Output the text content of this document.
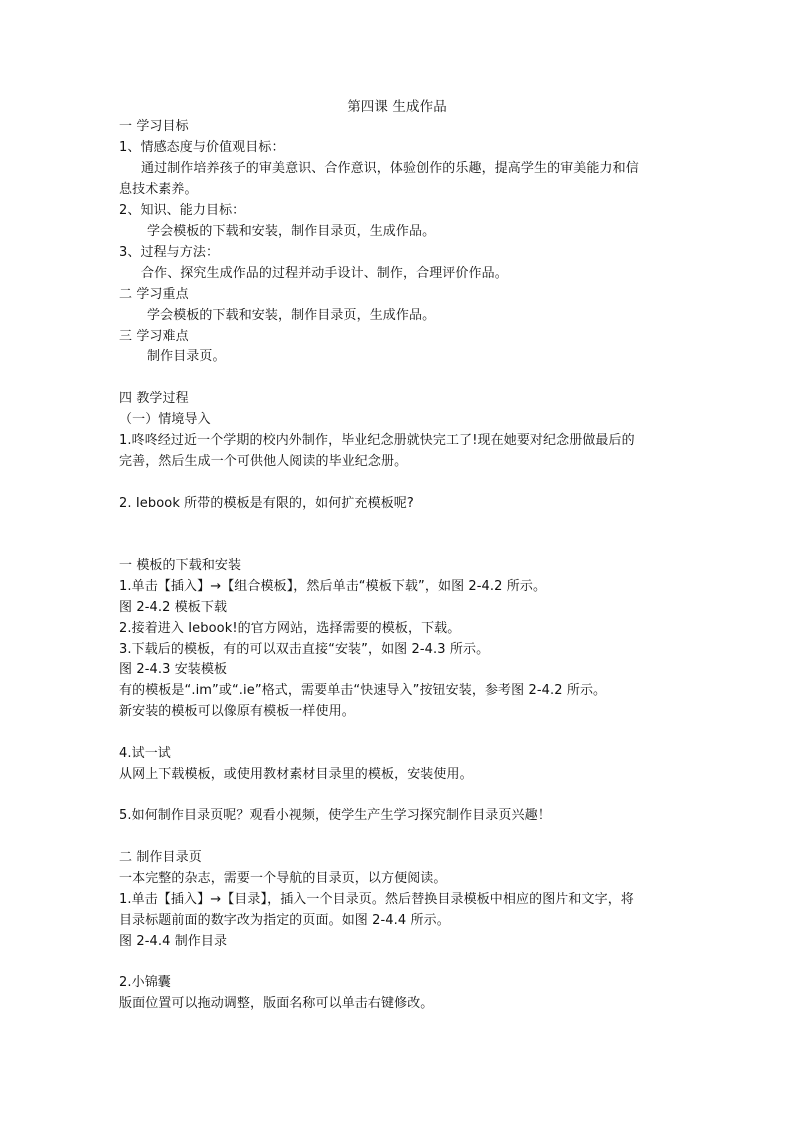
第四课 生成作品
一 学习目标
1、情感态度与价值观目标：
通过制作培养孩子的审美意识、合作意识，体验创作的乐趣，提高学生的审美能力和信
息技术素养。
2、知识、能力目标：
学会模板的下载和安装，制作目录页，生成作品。
3、过程与方法：
合作、探究生成作品的过程并动手设计、制作，合理评价作品。
二 学习重点
学会模板的下载和安装，制作目录页，生成作品。
三 学习难点
制作目录页。
四 教学过程
（一）情境导入
1.咚咚经过近一个学期的校内外制作，毕业纪念册就快完工了!现在她要对纪念册做最后的
完善，然后生成一个可供他人阅读的毕业纪念册。
2. Iebook 所带的模板是有限的，如何扩充模板呢?
一 模板的下载和安装
1.单击【插入】→【组合模板】，然后单击“模板下载”，如图 2-4.2 所示。
图 2-4.2 模板下载
2.接着进入 Iebook!的官方网站，选择需要的模板，下载。
3.下载后的模板，有的可以双击直接“安装”，如图 2-4.3 所示。
图 2-4.3 安装模板
有的模板是“.im”或“.ie”格式，需要单击“快速导入”按钮安装，参考图 2-4.2 所示。
新安装的模板可以像原有模板一样使用。
4.试一试
从网上下载模板，或使用教材素材目录里的模板，安装使用。
5.如何制作目录页呢？观看小视频，使学生产生学习探究制作目录页兴趣！
二 制作目录页
一本完整的杂志，需要一个导航的目录页，以方便阅读。
1.单击【插入】→【目录】，插入一个目录页。然后替换目录模板中相应的图片和文字，将
目录标题前面的数字改为指定的页面。如图 2-4.4 所示。
图 2-4.4 制作目录
2.小锦囊
版面位置可以拖动调整，版面名称可以单击右键修改。
